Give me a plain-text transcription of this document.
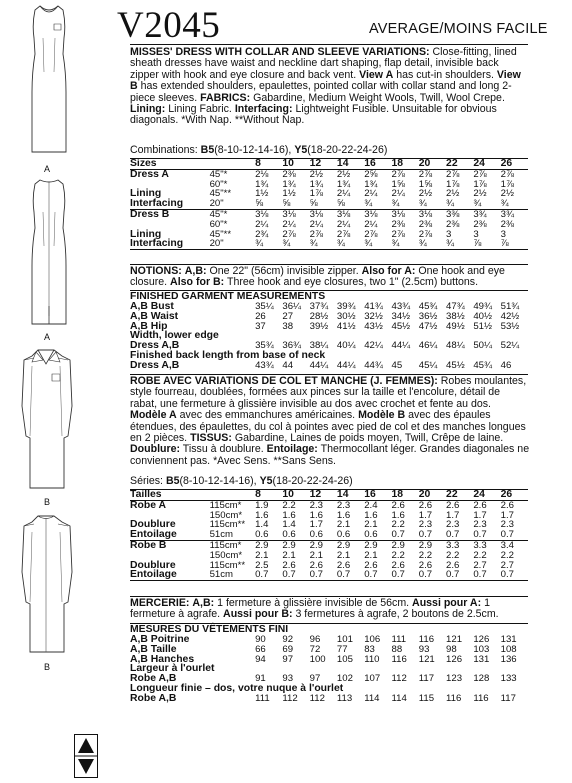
A
A
B
B
V2045	AVERAGE/MOINS FACILE
MISSES' DRESS WITH COLLAR AND SLEEVE VARIATIONS: Close-fitting, lined sheath dresses have waist and neckline dart shaping, flap detail, invisible back zipper with hook and eye closure and back vent. View A has cut-in shoulders. View B has extended shoulders, epaulettes, pointed collar with collar stand and long 2-piece sleeves. FABRICS: Gabardine, Medium Weight Wools, Twill, Wool Crepe. Lining: Lining Fabric. Interfacing: Lightweight Fusible. Unsuitable for obvious diagonals. *With Nap. **Without Nap.
Combinations: B5(8-10-12-14-16), Y5(18-20-22-24-26)
Sizes		8	10	12	14	16	18	20	22	24	26
Dress A	45"*	2⅛	2⅜	2½	2½	2⅝	2⅞	2⅞	2⅞	2⅞	2⅞
	60"*	1¾	1¾	1¾	1¾	1¾	1⅝	1⅝	1⅞	1⅞	1⅞
Lining	45"**	1½	1½	1⅞	2¼	2¼	2¼	2½	2½	2½	2½
Interfacing	20"	⅝	⅝	⅝	⅝	¾	¾	¾	¾	¾	¾
Dress B	45"*	3⅛	3⅛	3⅛	3⅛	3⅛	3⅛	3⅛	3⅜	3¾	3¾
	60"*	2¼	2¼	2¼	2¼	2¼	2⅜	2⅜	2⅜	2⅜	2⅜
Lining	45"**	2¾	2⅞	2⅞	2⅞	2⅞	2⅞	2⅞	3	3	3
Interfacing	20"	¾	¾	¾	¾	¾	¾	¾	¾	⅞	⅞
NOTIONS: A,B: One 22" (56cm) invisible zipper. Also for A: One hook and eye closure. Also for B: Three hook and eye closures, two 1" (2.5cm) buttons.
FINISHED GARMENT MEASUREMENTS
A,B Bust	35¼	36¼	37¾	39¾	41¾	43¾	45¾	47¾	49¾	51¾
A,B Waist	26	27	28½	30½	32½	34½	36½	38½	40½	42½
A,B Hip	37	38	39½	41½	43½	45½	47½	49½	51½	53½
Width, lower edge										
Dress A,B	35¾	36¾	38¼	40¼	42¼	44¼	46¼	48¼	50¼	52¼
Finished back length from base of neck										
Dress A,B	43¾	44	44¼	44¼	44¾	45	45¼	45½	45¾	46
ROBE AVEC VARIATIONS DE COL ET MANCHE (J. FEMMES): Robes moulantes, style fourreau, doublées, formées aux pinces sur la taille et l'encolure, détail de rabat, une fermeture à glissière invisible au dos avec crochet et fente au dos. Modèle A avec des emmanchures américaines. Modèle B avec des épaules étendues, des épaulettes, du col à pointes avec pied de col et des manches longues en 2 pièces. TISSUS: Gabardine, Laines de poids moyen, Twill, Crêpe de laine. Doublure: Tissu à doublure. Entoilage: Thermocollant léger. Grandes diagonales ne conviennent pas. *Avec Sens. **Sans Sens.
Séries: B5(8-10-12-14-16), Y5(18-20-22-24-26)
Tailles		8	10	12	14	16	18	20	22	24	26
Robe A	115cm*	1.9	2.2	2.3	2.3	2.4	2.6	2.6	2.6	2.6	2.6
	150cm*	1.6	1.6	1.6	1.6	1.6	1.6	1.7	1.7	1.7	1.7
Doublure	115cm**	1.4	1.4	1.7	2.1	2.1	2.2	2.3	2.3	2.3	2.3
Entoilage	51cm	0.6	0.6	0.6	0.6	0.6	0.7	0.7	0.7	0.7	0.7
Robe B	115cm*	2.9	2.9	2.9	2.9	2.9	2.9	2.9	3.3	3.3	3.4
	150cm*	2.1	2.1	2.1	2.1	2.1	2.2	2.2	2.2	2.2	2.2
Doublure	115cm**	2.5	2.6	2.6	2.6	2.6	2.6	2.6	2.6	2.7	2.7
Entoilage	51cm	0.7	0.7	0.7	0.7	0.7	0.7	0.7	0.7	0.7	0.7
MERCERIE: A,B: 1 fermeture à glissière invisible de 56cm. Aussi pour A: 1 fermeture à agrafe. Aussi pour B: 3 fermetures à agrafe, 2 boutons de 2.5cm.
MESURES DU VÊTEMENTS FINI
A,B Poitrine	90	92	96	101	106	111	116	121	126	131
A,B Taille	66	69	72	77	83	88	93	98	103	108
A,B Hanches	94	97	100	105	110	116	121	126	131	136
Largeur à l'ourlet										
Robe A,B	91	93	97	102	107	112	117	123	128	133
Longueur finie – dos, votre nuque à l'ourlet										
Robe A,B	111	112	112	113	114	114	115	116	116	117
